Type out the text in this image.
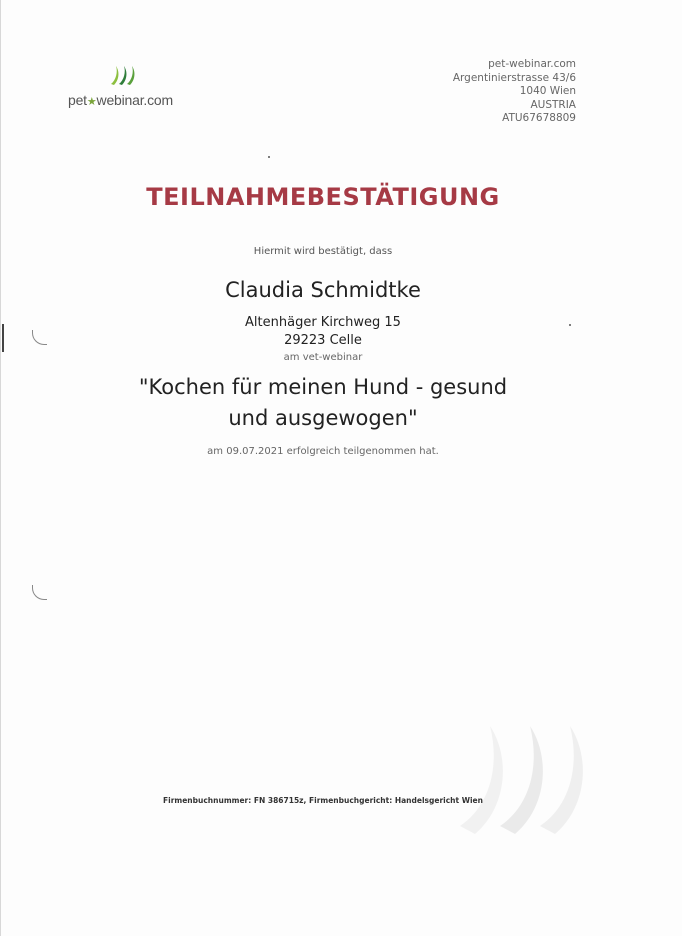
pet★webinar.com
pet-webinar.com
Argentinierstrasse 43/6
1040 Wien
AUSTRIA
ATU67678809
TEILNAHMEBESTÄTIGUNG
Hiermit wird bestätigt, dass
Claudia Schmidtke
Altenhäger Kirchweg 15
29223 Celle
am vet-webinar
"Kochen für meinen Hund - gesund
und ausgewogen"
am 09.07.2021 erfolgreich teilgenommen hat.
Firmenbuchnummer: FN 386715z, Firmenbuchgericht: Handelsgericht Wien
